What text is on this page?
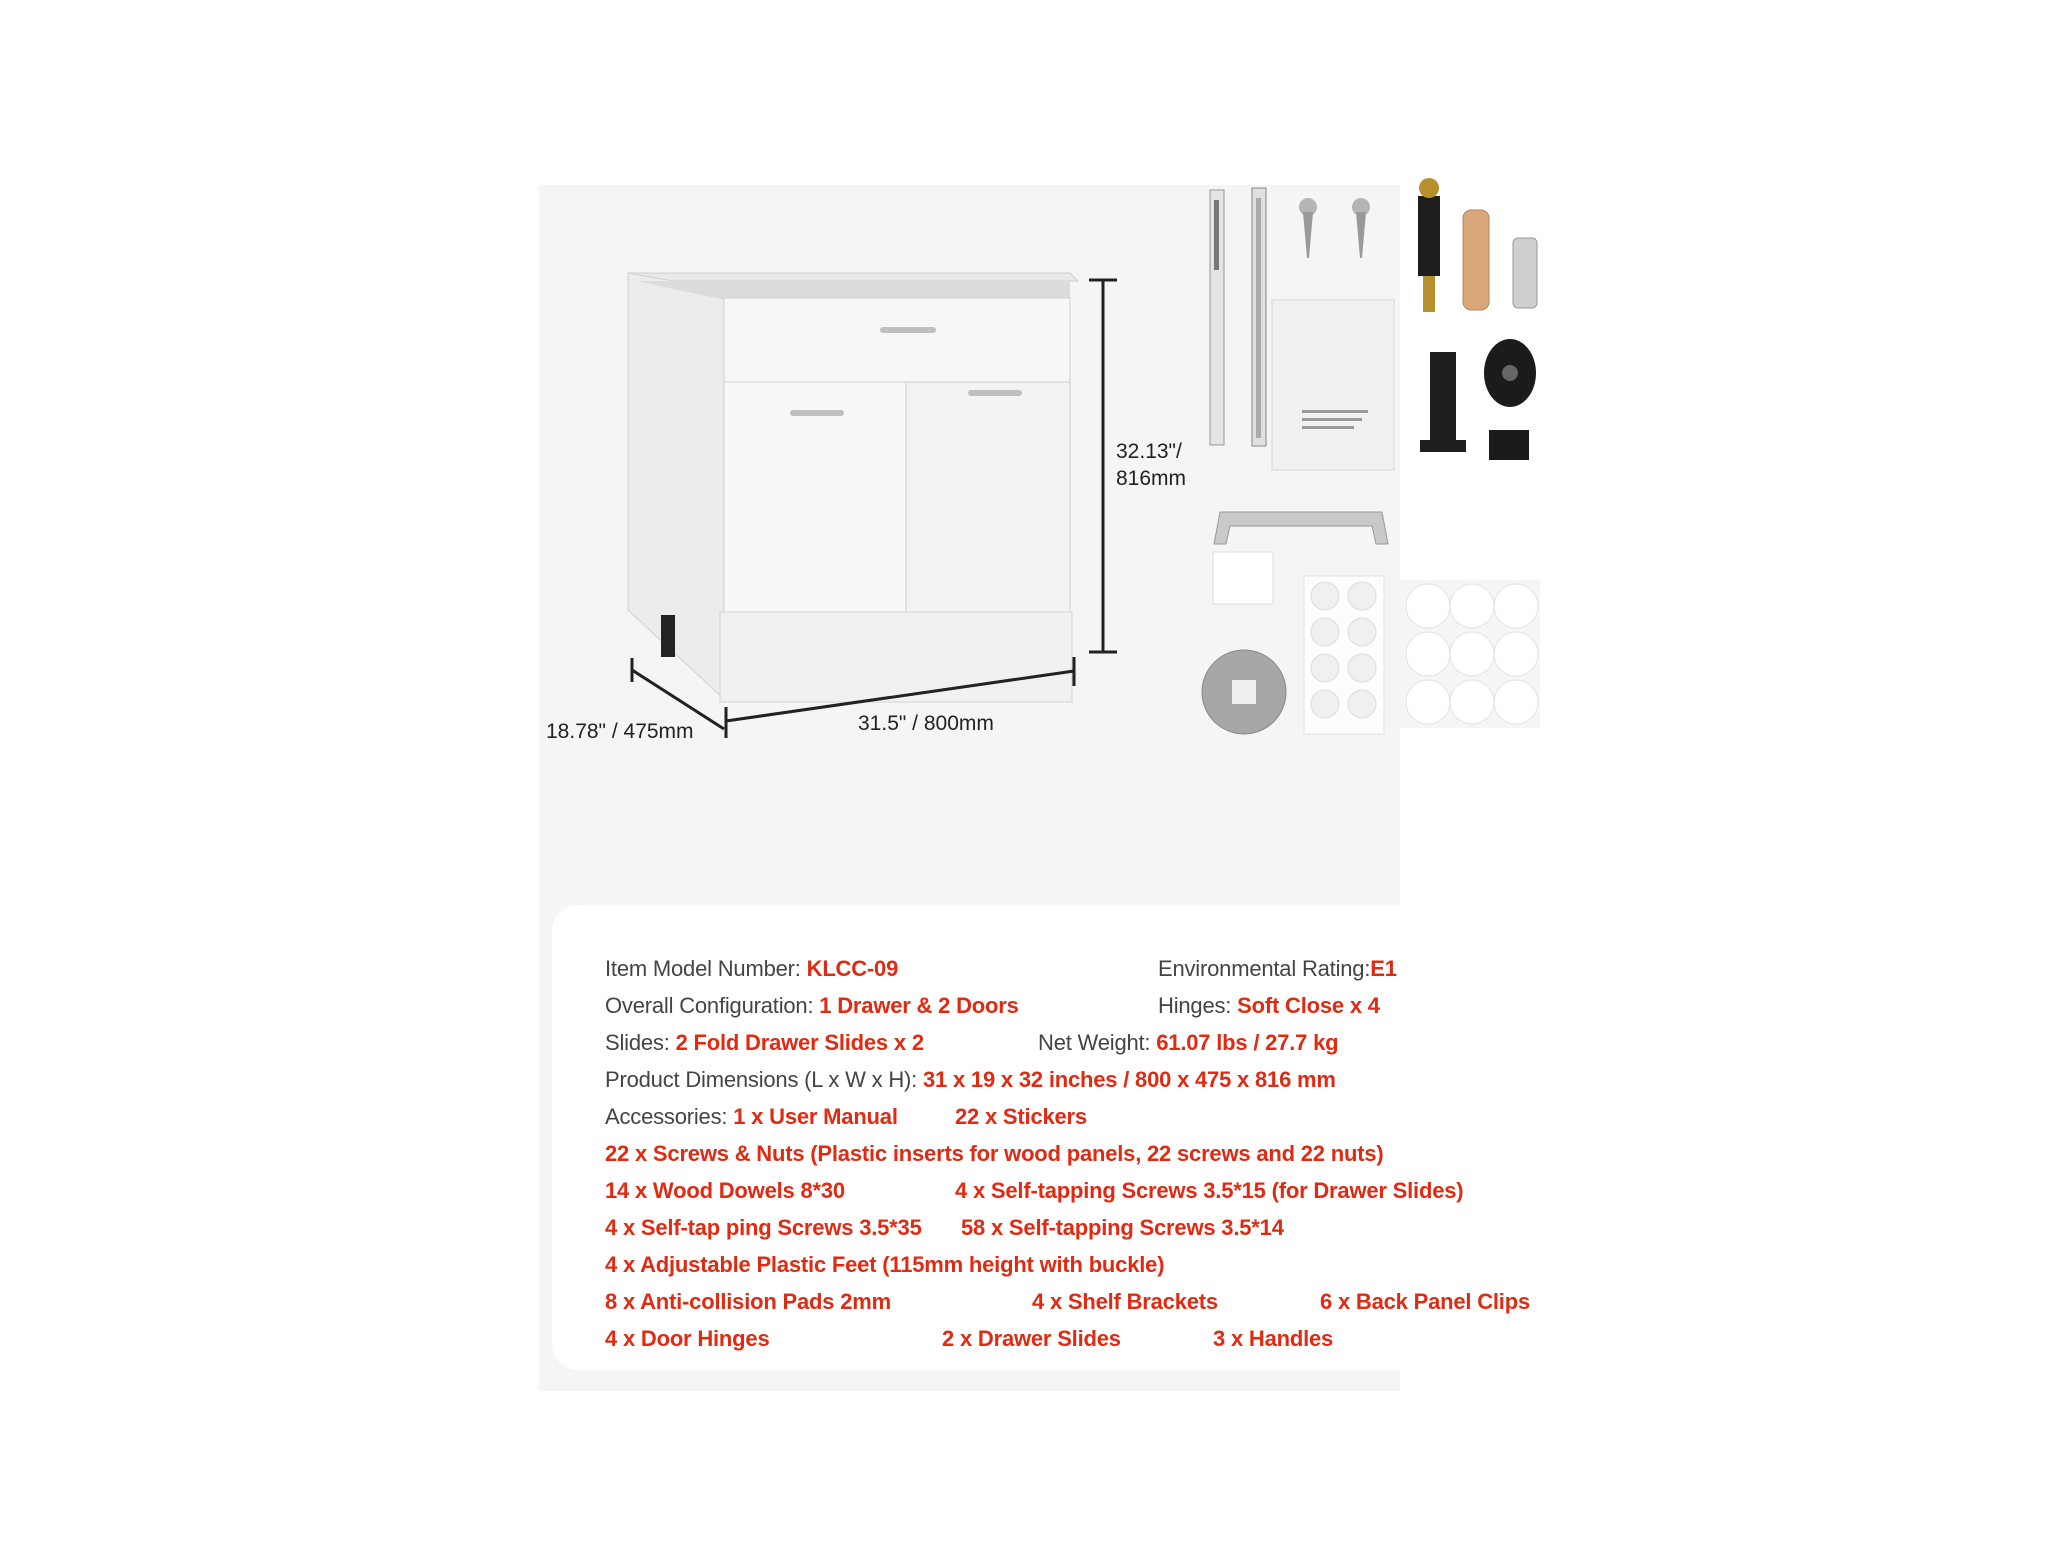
32.13"/
816mm
31.5" / 800mm
18.78" / 475mm
Item Model Number: KLCC-09	Environmental Rating:E1
Overall Configuration: 1 Drawer & 2 Doors	Hinges: Soft Close x 4
Slides: 2 Fold Drawer Slides x 2	Net Weight: 61.07 lbs / 27.7 kg
Product Dimensions (L x W x H): 31 x 19 x 32 inches / 800 x 475 x 816 mm
Accessories: 1 x User Manual	22 x Stickers
22 x Screws & Nuts (Plastic inserts for wood panels, 22 screws and 22 nuts)
14 x Wood Dowels 8*30	4 x Self-tapping Screws 3.5*15 (for Drawer Slides)
4 x Self-tap ping Screws 3.5*35 58 x Self-tapping Screws 3.5*14
4 x Adjustable Plastic Feet (115mm height with buckle)
8 x Anti-collision Pads 2mm	4 x Shelf Brackets	6 x Back Panel Clips
4 x Door Hinges	2 x Drawer Slides	3 x Handles
